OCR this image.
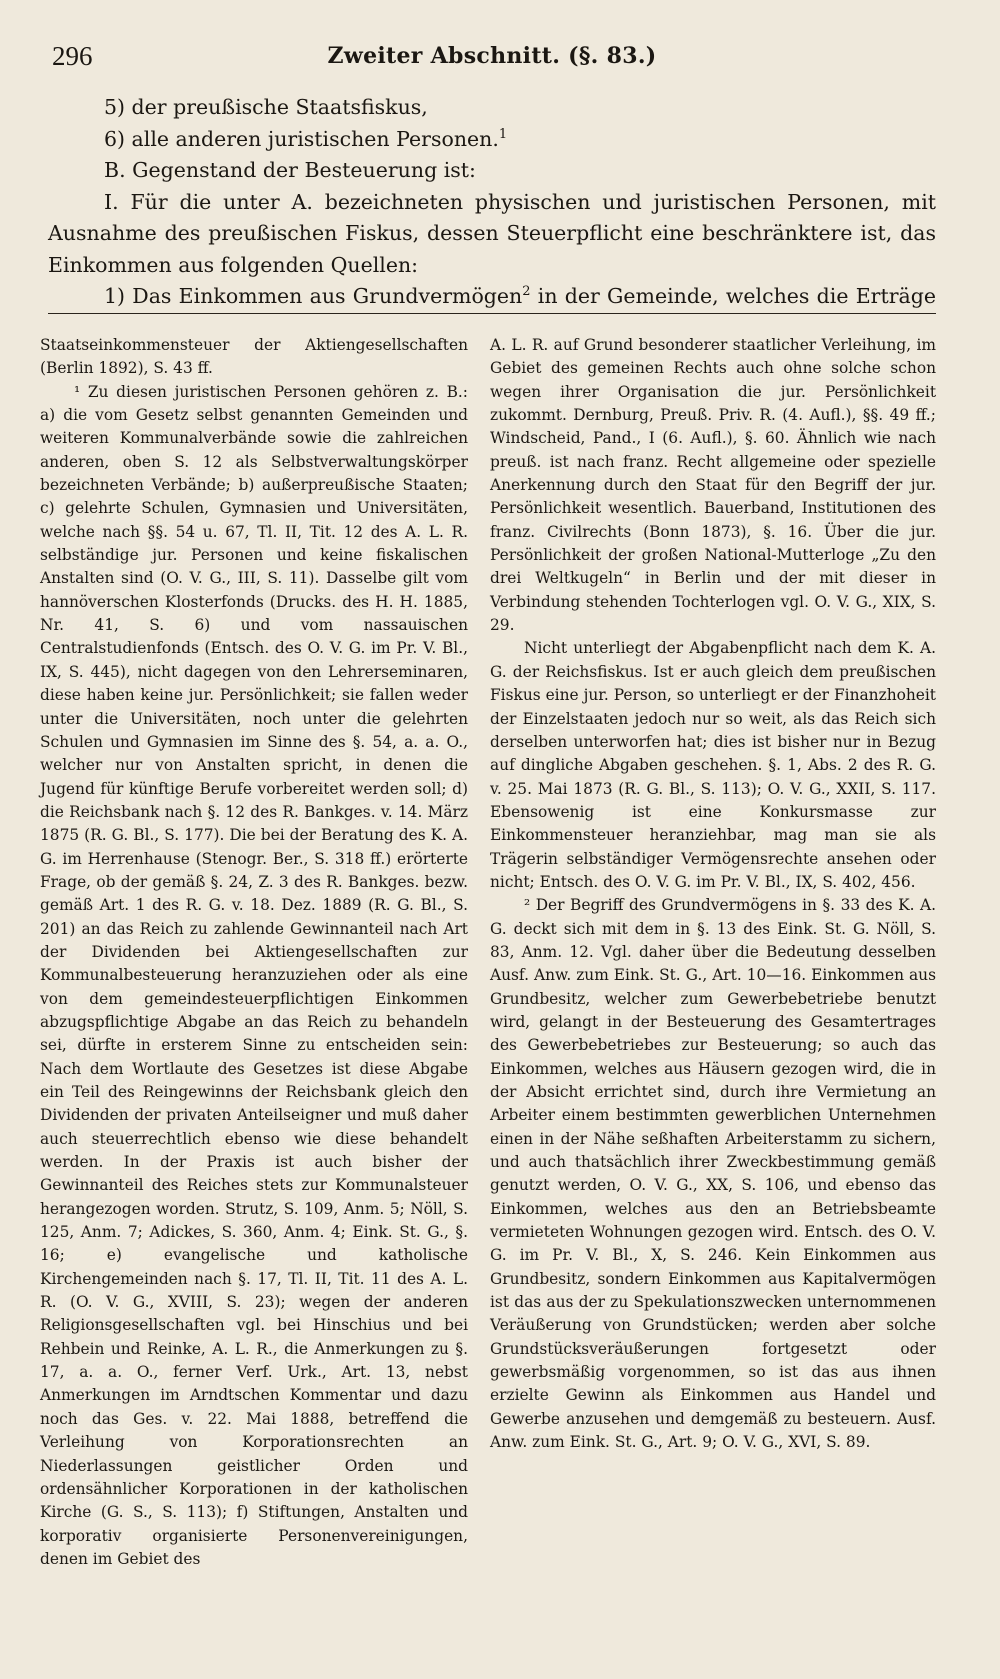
296	Zweiter Abschnitt. (§. 83.)

5) der preußische Staatsfiskus,

6) alle anderen juristischen Personen.$^1$

B. Gegenstand der Besteuerung ist:

I. Für die unter A. bezeichneten physischen und juristischen Personen, mit Ausnahme des preußischen Fiskus, dessen Steuerpflicht eine beschränktere ist, das Einkommen aus folgenden Quellen:

1) Das Einkommen aus Grundvermögen$^2$ in der Gemeinde, welches die Erträge

Staatseinkommensteuer der Aktiengesellschaften (Berlin 1892), S. 43 ff.

¹ Zu diesen juristischen Personen gehören z. B.: a) die vom Gesetz selbst genannten Gemeinden und weiteren Kommunalverbände sowie die zahlreichen anderen, oben S. 12 als Selbstverwaltungskörper bezeichneten Verbände; b) außerpreußische Staaten; c) gelehrte Schulen, Gymnasien und Universitäten, welche nach §§. 54 u. 67, Tl. II, Tit. 12 des A. L. R. selbständige jur. Personen und keine fiskalischen Anstalten sind (O. V. G., III, S. 11). Dasselbe gilt vom hannöverschen Klosterfonds (Drucks. des H. H. 1885, Nr. 41, S. 6) und vom nassauischen Centralstudienfonds (Entsch. des O. V. G. im Pr. V. Bl., IX, S. 445), nicht dagegen von den Lehrerseminaren, diese haben keine jur. Persönlichkeit; sie fallen weder unter die Universitäten, noch unter die gelehrten Schulen und Gymnasien im Sinne des §. 54, a. a. O., welcher nur von Anstalten spricht, in denen die Jugend für künftige Berufe vorbereitet werden soll; d) die Reichsbank nach §. 12 des R. Bankges. v. 14. März 1875 (R. G. Bl., S. 177). Die bei der Beratung des K. A. G. im Herrenhause (Stenogr. Ber., S. 318 ff.) erörterte Frage, ob der gemäß §. 24, Z. 3 des R. Bankges. bezw. gemäß Art. 1 des R. G. v. 18. Dez. 1889 (R. G. Bl., S. 201) an das Reich zu zahlende Gewinnanteil nach Art der Dividenden bei Aktiengesellschaften zur Kommunalbesteuerung heranzuziehen oder als eine von dem gemeindesteuerpflichtigen Einkommen abzugspflichtige Abgabe an das Reich zu behandeln sei, dürfte in ersterem Sinne zu entscheiden sein: Nach dem Wortlaute des Gesetzes ist diese Abgabe ein Teil des Reingewinns der Reichsbank gleich den Dividenden der privaten Anteilseigner und muß daher auch steuerrechtlich ebenso wie diese behandelt werden. In der Praxis ist auch bisher der Gewinnanteil des Reiches stets zur Kommunalsteuer herangezogen worden. Strutz, S. 109, Anm. 5; Nöll, S. 125, Anm. 7; Adickes, S. 360, Anm. 4; Eink. St. G., §. 16; e) evangelische und katholische Kirchengemeinden nach §. 17, Tl. II, Tit. 11 des A. L. R. (O. V. G., XVIII, S. 23); wegen der anderen Religionsgesellschaften vgl. bei Hinschius und bei Rehbein und Reinke, A. L. R., die Anmerkungen zu §. 17, a. a. O., ferner Verf. Urk., Art. 13, nebst Anmerkungen im Arndtschen Kommentar und dazu noch das Ges. v. 22. Mai 1888, betreffend die Verleihung von Korporationsrechten an Niederlassungen geistlicher Orden und ordensähnlicher Korporationen in der katholischen Kirche (G. S., S. 113); f) Stiftungen, Anstalten und korporativ organisierte Personenvereinigungen, denen im Gebiet des

A. L. R. auf Grund besonderer staatlicher Verleihung, im Gebiet des gemeinen Rechts auch ohne solche schon wegen ihrer Organisation die jur. Persönlichkeit zukommt. Dernburg, Preuß. Priv. R. (4. Aufl.), §§. 49 ff.; Windscheid, Pand., I (6. Aufl.), §. 60. Ähnlich wie nach preuß. ist nach franz. Recht allgemeine oder spezielle Anerkennung durch den Staat für den Begriff der jur. Persönlichkeit wesentlich. Bauerband, Institutionen des franz. Civilrechts (Bonn 1873), §. 16. Über die jur. Persönlichkeit der großen National-Mutterloge „Zu den drei Weltkugeln“ in Berlin und der mit dieser in Verbindung stehenden Tochterlogen vgl. O. V. G., XIX, S. 29.

Nicht unterliegt der Abgabenpflicht nach dem K. A. G. der Reichsfiskus. Ist er auch gleich dem preußischen Fiskus eine jur. Person, so unterliegt er der Finanzhoheit der Einzelstaaten jedoch nur so weit, als das Reich sich derselben unterworfen hat; dies ist bisher nur in Bezug auf dingliche Abgaben geschehen. §. 1, Abs. 2 des R. G. v. 25. Mai 1873 (R. G. Bl., S. 113); O. V. G., XXII, S. 117. Ebensowenig ist eine Konkursmasse zur Einkommensteuer heranziehbar, mag man sie als Trägerin selbständiger Vermögensrechte ansehen oder nicht; Entsch. des O. V. G. im Pr. V. Bl., IX, S. 402, 456.

² Der Begriff des Grundvermögens in §. 33 des K. A. G. deckt sich mit dem in §. 13 des Eink. St. G. Nöll, S. 83, Anm. 12. Vgl. daher über die Bedeutung desselben Ausf. Anw. zum Eink. St. G., Art. 10—16. Einkommen aus Grundbesitz, welcher zum Gewerbebetriebe benutzt wird, gelangt in der Besteuerung des Gesamtertrages des Gewerbebetriebes zur Besteuerung; so auch das Einkommen, welches aus Häusern gezogen wird, die in der Absicht errichtet sind, durch ihre Vermietung an Arbeiter einem bestimmten gewerblichen Unternehmen einen in der Nähe seßhaften Arbeiterstamm zu sichern, und auch thatsächlich ihrer Zweckbestimmung gemäß genutzt werden, O. V. G., XX, S. 106, und ebenso das Einkommen, welches aus den an Betriebsbeamte vermieteten Wohnungen gezogen wird. Entsch. des O. V. G. im Pr. V. Bl., X, S. 246. Kein Einkommen aus Grundbesitz, sondern Einkommen aus Kapitalvermögen ist das aus der zu Spekulationszwecken unternommenen Veräußerung von Grundstücken; werden aber solche Grundstücksveräußerungen fortgesetzt oder gewerbsmäßig vorgenommen, so ist das aus ihnen erzielte Gewinn als Einkommen aus Handel und Gewerbe anzusehen und demgemäß zu besteuern. Ausf. Anw. zum Eink. St. G., Art. 9; O. V. G., XVI, S. 89.
